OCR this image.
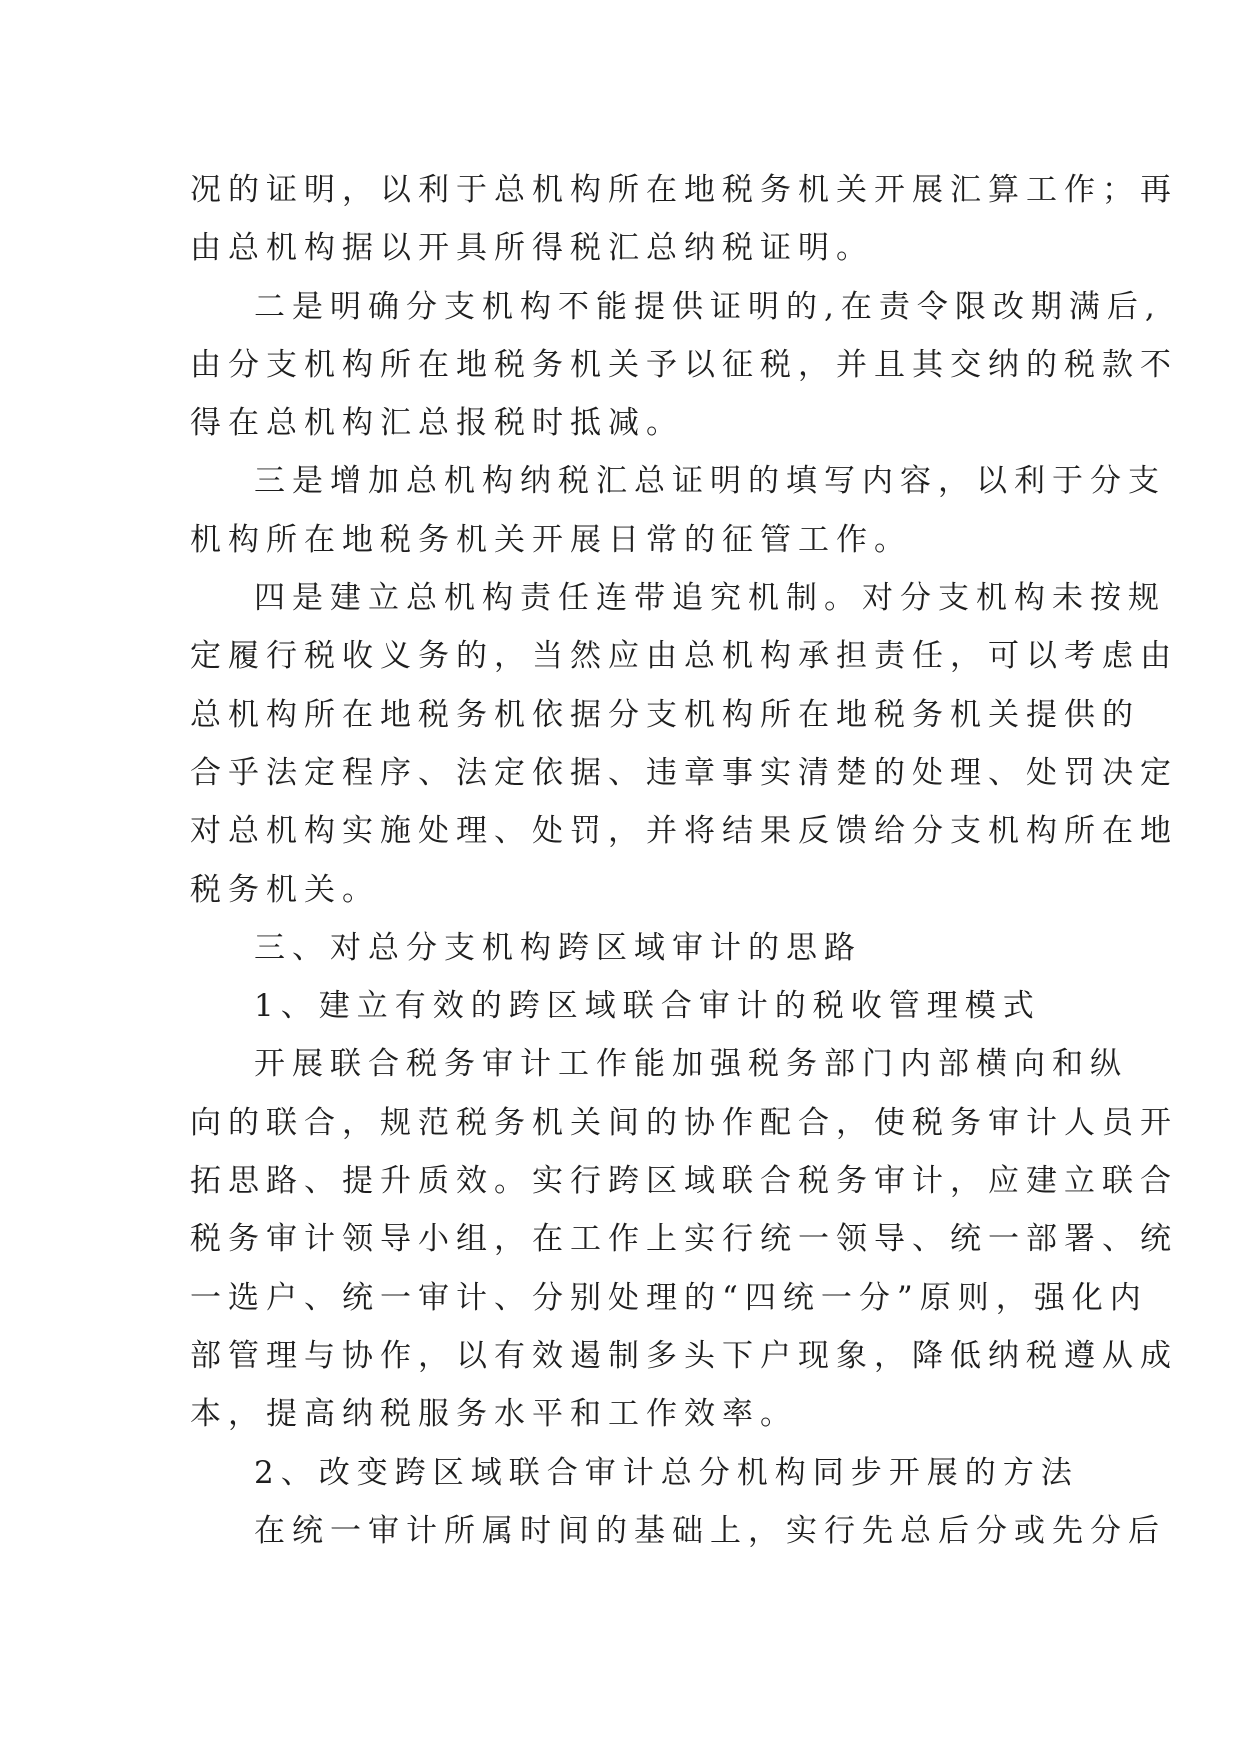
况的证明，以利于总机构所在地税务机关开展汇算工作；再
由总机构据以开具所得税汇总纳税证明。
二是明确分支机构不能提供证明的,在责令限改期满后,
由分支机构所在地税务机关予以征税，并且其交纳的税款不
得在总机构汇总报税时抵减。
三是增加总机构纳税汇总证明的填写内容，以利于分支
机构所在地税务机关开展日常的征管工作。
四是建立总机构责任连带追究机制。对分支机构未按规
定履行税收义务的，当然应由总机构承担责任，可以考虑由
总机构所在地税务机依据分支机构所在地税务机关提供的
合乎法定程序、法定依据、违章事实清楚的处理、处罚决定
对总机构实施处理、处罚，并将结果反馈给分支机构所在地
税务机关。
三、对总分支机构跨区域审计的思路
1、建立有效的跨区域联合审计的税收管理模式
开展联合税务审计工作能加强税务部门内部横向和纵
向的联合，规范税务机关间的协作配合，使税务审计人员开
拓思路、提升质效。实行跨区域联合税务审计，应建立联合
税务审计领导小组，在工作上实行统一领导、统一部署、统
一选户、统一审计、分别处理的“四统一分”原则，强化内
部管理与协作，以有效遏制多头下户现象，降低纳税遵从成
本，提高纳税服务水平和工作效率。
2、改变跨区域联合审计总分机构同步开展的方法
在统一审计所属时间的基础上，实行先总后分或先分后
